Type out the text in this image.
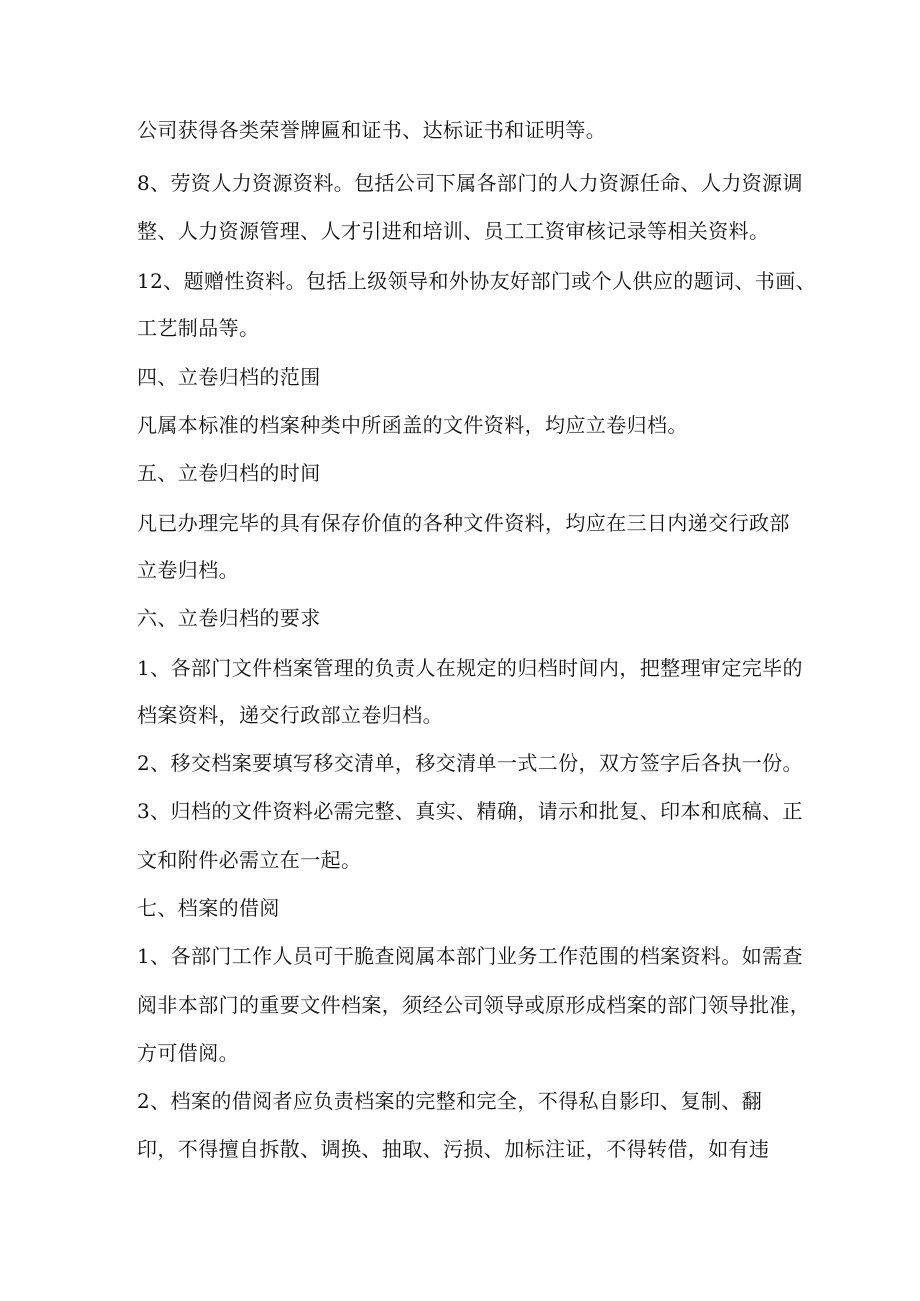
公司获得各类荣誉牌匾和证书、达标证书和证明等。
8、劳资人力资源资料。包括公司下属各部门的人力资源任命、人力资源调
整、人力资源管理、人才引进和培训、员工工资审核记录等相关资料。
12、题赠性资料。包括上级领导和外协友好部门或个人供应的题词、书画、
工艺制品等。
四、立卷归档的范围
凡属本标准的档案种类中所函盖的文件资料，均应立卷归档。
五、立卷归档的时间
凡已办理完毕的具有保存价值的各种文件资料，均应在三日内递交行政部
立卷归档。
六、立卷归档的要求
1、各部门文件档案管理的负责人在规定的归档时间内，把整理审定完毕的
档案资料，递交行政部立卷归档。
2、移交档案要填写移交清单，移交清单一式二份，双方签字后各执一份。
3、归档的文件资料必需完整、真实、精确，请示和批复、印本和底稿、正
文和附件必需立在一起。
七、档案的借阅
1、各部门工作人员可干脆查阅属本部门业务工作范围的档案资料。如需查
阅非本部门的重要文件档案，须经公司领导或原形成档案的部门领导批准，
方可借阅。
2、档案的借阅者应负责档案的完整和完全，不得私自影印、复制、翻
印，不得擅自拆散、调换、抽取、污损、加标注证，不得转借，如有违
